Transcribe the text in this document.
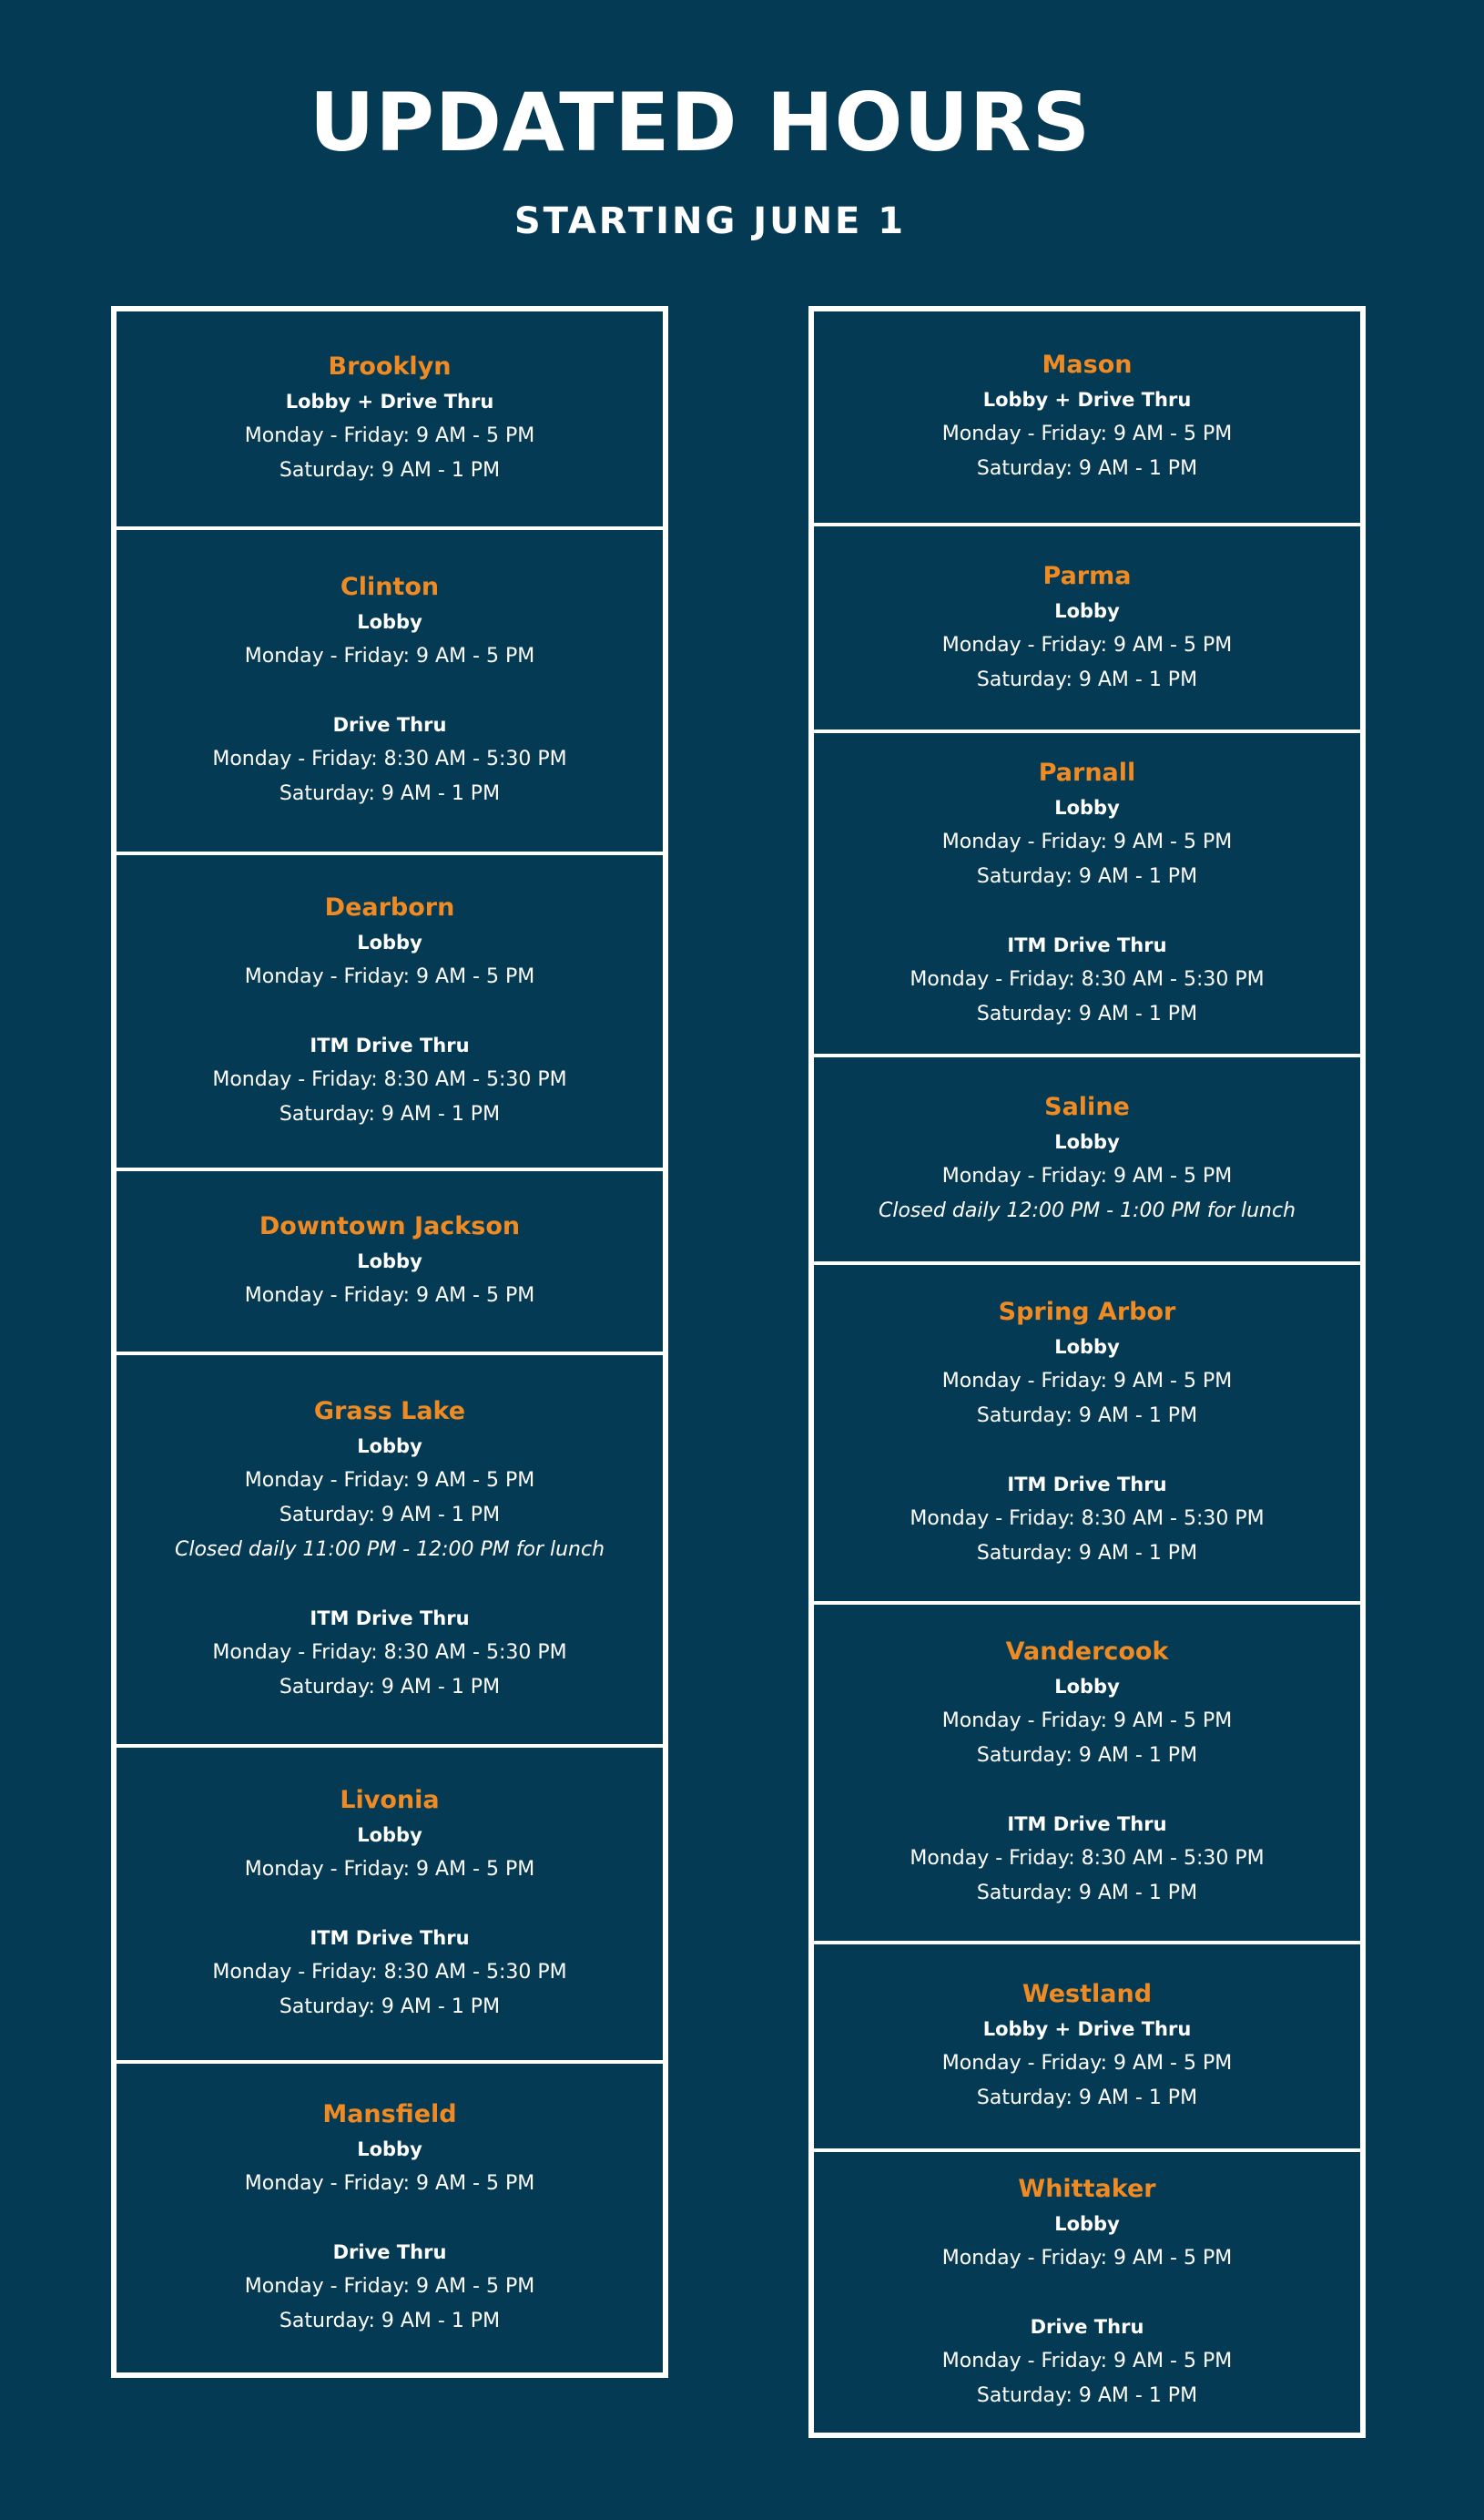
UPDATED HOURS
STARTING JUNE 1
Brooklyn
Lobby + Drive Thru
Monday - Friday: 9 AM - 5 PM
Saturday: 9 AM - 1 PM
Clinton
Lobby
Monday - Friday: 9 AM - 5 PM
Drive Thru
Monday - Friday: 8:30 AM - 5:30 PM
Saturday: 9 AM - 1 PM
Dearborn
Lobby
Monday - Friday: 9 AM - 5 PM
ITM Drive Thru
Monday - Friday: 8:30 AM - 5:30 PM
Saturday: 9 AM - 1 PM
Downtown Jackson
Lobby
Monday - Friday: 9 AM - 5 PM
Grass Lake
Lobby
Monday - Friday: 9 AM - 5 PM
Saturday: 9 AM - 1 PM
Closed daily 11:00 PM - 12:00 PM for lunch
ITM Drive Thru
Monday - Friday: 8:30 AM - 5:30 PM
Saturday: 9 AM - 1 PM
Livonia
Lobby
Monday - Friday: 9 AM - 5 PM
ITM Drive Thru
Monday - Friday: 8:30 AM - 5:30 PM
Saturday: 9 AM - 1 PM
Mansfield
Lobby
Monday - Friday: 9 AM - 5 PM
Drive Thru
Monday - Friday: 9 AM - 5 PM
Saturday: 9 AM - 1 PM
Mason
Lobby + Drive Thru
Monday - Friday: 9 AM - 5 PM
Saturday: 9 AM - 1 PM
Parma
Lobby
Monday - Friday: 9 AM - 5 PM
Saturday: 9 AM - 1 PM
Parnall
Lobby
Monday - Friday: 9 AM - 5 PM
Saturday: 9 AM - 1 PM
ITM Drive Thru
Monday - Friday: 8:30 AM - 5:30 PM
Saturday: 9 AM - 1 PM
Saline
Lobby
Monday - Friday: 9 AM - 5 PM
Closed daily 12:00 PM - 1:00 PM for lunch
Spring Arbor
Lobby
Monday - Friday: 9 AM - 5 PM
Saturday: 9 AM - 1 PM
ITM Drive Thru
Monday - Friday: 8:30 AM - 5:30 PM
Saturday: 9 AM - 1 PM
Vandercook
Lobby
Monday - Friday: 9 AM - 5 PM
Saturday: 9 AM - 1 PM
ITM Drive Thru
Monday - Friday: 8:30 AM - 5:30 PM
Saturday: 9 AM - 1 PM
Westland
Lobby + Drive Thru
Monday - Friday: 9 AM - 5 PM
Saturday: 9 AM - 1 PM
Whittaker
Lobby
Monday - Friday: 9 AM - 5 PM
Drive Thru
Monday - Friday: 9 AM - 5 PM
Saturday: 9 AM - 1 PM
